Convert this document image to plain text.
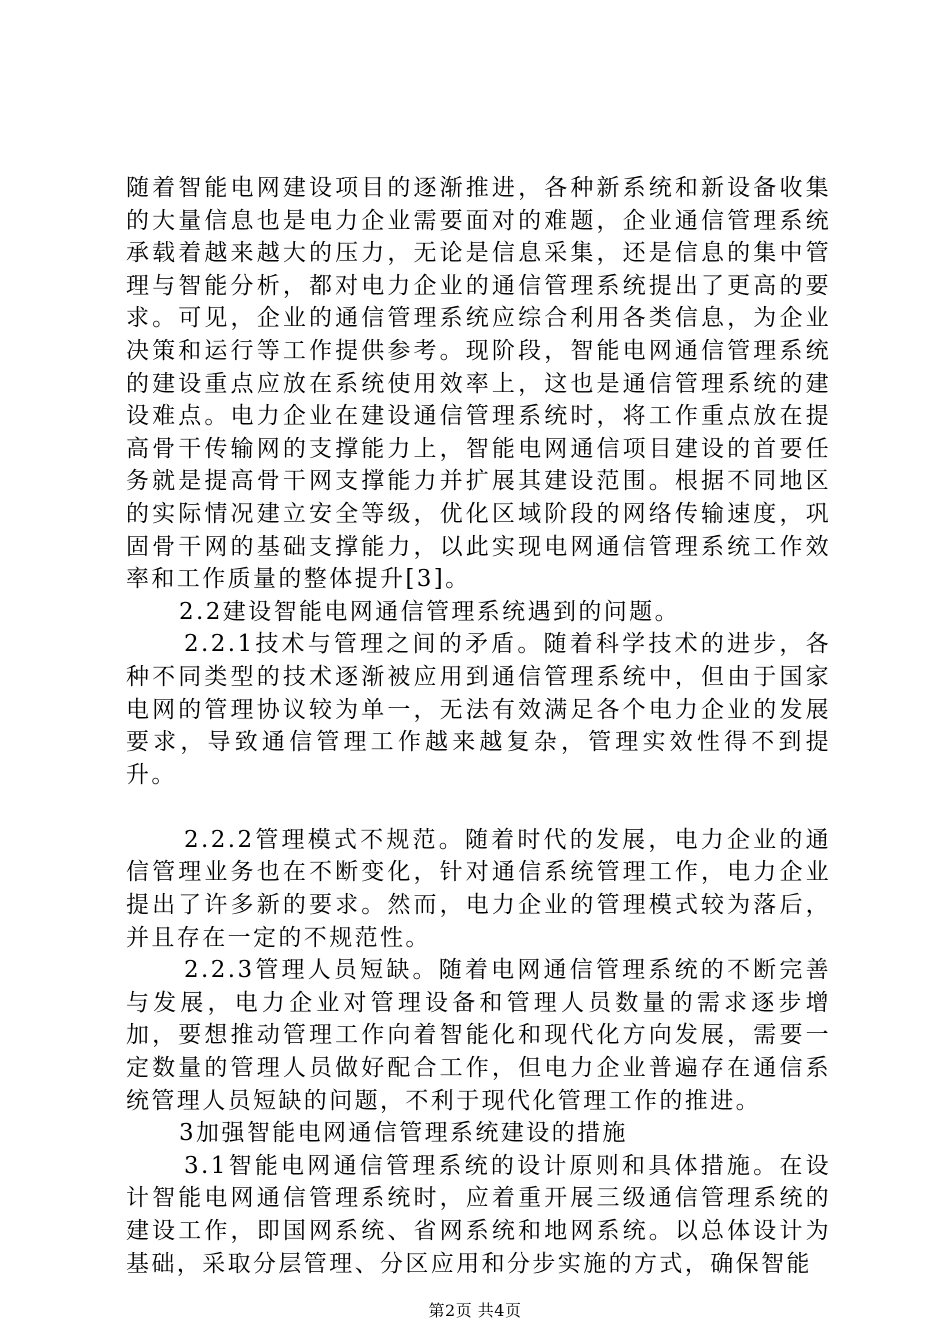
随着智能电网建设项目的逐渐推进，各种新系统和新设备收集的大量信息也是电力企业需要面对的难题，企业通信管理系统承载着越来越大的压力，无论是信息采集，还是信息的集中管理与智能分析，都对电力企业的通信管理系统提出了更高的要求。可见，企业的通信管理系统应综合利用各类信息，为企业决策和运行等工作提供参考。现阶段，智能电网通信管理系统的建设重点应放在系统使用效率上，这也是通信管理系统的建设难点。电力企业在建设通信管理系统时，将工作重点放在提高骨干传输网的支撑能力上，智能电网通信项目建设的首要任务就是提高骨干网支撑能力并扩展其建设范围。根据不同地区的实际情况建立安全等级，优化区域阶段的网络传输速度，巩固骨干网的基础支撑能力，以此实现电网通信管理系统工作效率和工作质量的整体提升[3]。

2.2建设智能电网通信管理系统遇到的问题。

2.2.1技术与管理之间的矛盾。随着科学技术的进步，各种不同类型的技术逐渐被应用到通信管理系统中，但由于国家电网的管理协议较为单一，无法有效满足各个电力企业的发展要求，导致通信管理工作越来越复杂，管理实效性得不到提升。

2.2.2管理模式不规范。随着时代的发展，电力企业的通信管理业务也在不断变化，针对通信系统管理工作，电力企业提出了许多新的要求。然而，电力企业的管理模式较为落后，并且存在一定的不规范性。

2.2.3管理人员短缺。随着电网通信管理系统的不断完善与发展，电力企业对管理设备和管理人员数量的需求逐步增加，要想推动管理工作向着智能化和现代化方向发展，需要一定数量的管理人员做好配合工作，但电力企业普遍存在通信系统管理人员短缺的问题，不利于现代化管理工作的推进。

3加强智能电网通信管理系统建设的措施

3.1智能电网通信管理系统的设计原则和具体措施。在设计智能电网通信管理系统时，应着重开展三级通信管理系统的建设工作，即国网系统、省网系统和地网系统。以总体设计为基础，采取分层管理、分区应用和分步实施的方式，确保智能

第2页 共4页
